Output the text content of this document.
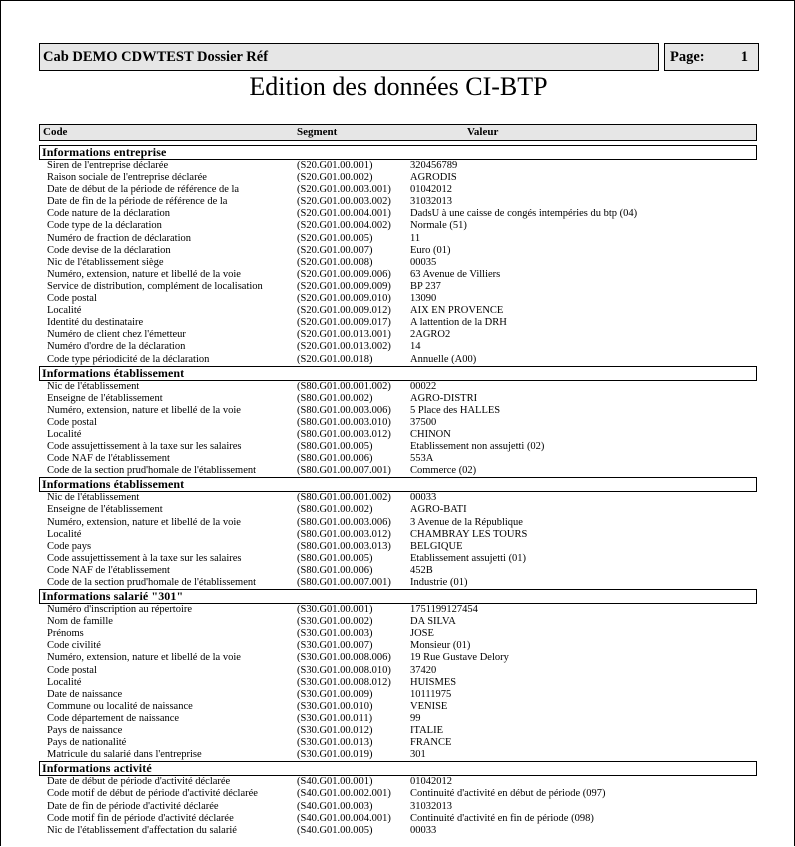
Cab DEMO CDWTEST Dossier Réf	Page: 1
Edition des données CI-BTP
Code	Segment	Valeur
Informations entreprise
Siren de l'entreprise déclarée	(S20.G01.00.001)	320456789
Raison sociale de l'entreprise déclarée	(S20.G01.00.002)	AGRODIS
Date de début de la période de référence de la	(S20.G01.00.003.001) 01042012
Date de fin de la période de référence de la	(S20.G01.00.003.002) 31032013
Code nature de la déclaration	(S20.G01.00.004.001) DadsU à une caisse de congés intempéries du btp (04)
Code type de la déclaration	(S20.G01.00.004.002) Normale (51)
Numéro de fraction de déclaration	(S20.G01.00.005)	11
Code devise de la déclaration	(S20.G01.00.007)	Euro (01)
Nic de l'établissement siège	(S20.G01.00.008)	00035
Numéro, extension, nature et libellé de la voie	(S20.G01.00.009.006) 63 Avenue de Villiers
Service de distribution, complément de localisation	(S20.G01.00.009.009) BP 237
Code postal	(S20.G01.00.009.010) 13090
Localité	(S20.G01.00.009.012) AIX EN PROVENCE
Identité du destinataire	(S20.G01.00.009.017) A lattention de la DRH
Numéro de client chez l'émetteur	(S20.G01.00.013.001) 2AGRO2
Numéro d'ordre de la déclaration	(S20.G01.00.013.002) 14
Code type périodicité de la déclaration	(S20.G01.00.018)	Annuelle (A00)
Informations établissement
Nic de l'établissement	(S80.G01.00.001.002) 00022
Enseigne de l'établissement	(S80.G01.00.002)	AGRO-DISTRI
Numéro, extension, nature et libellé de la voie	(S80.G01.00.003.006) 5 Place des HALLES
Code postal	(S80.G01.00.003.010) 37500
Localité	(S80.G01.00.003.012) CHINON
Code assujettissement à la taxe sur les salaires	(S80.G01.00.005)	Etablissement non assujetti (02)
Code NAF de l'établissement	(S80.G01.00.006)	553A
Code de la section prud'homale de l'établissement	(S80.G01.00.007.001) Commerce (02)
Informations établissement
Nic de l'établissement	(S80.G01.00.001.002) 00033
Enseigne de l'établissement	(S80.G01.00.002)	AGRO-BATI
Numéro, extension, nature et libellé de la voie	(S80.G01.00.003.006) 3 Avenue de la République
Localité	(S80.G01.00.003.012) CHAMBRAY LES TOURS
Code pays	(S80.G01.00.003.013) BELGIQUE
Code assujettissement à la taxe sur les salaires	(S80.G01.00.005)	Etablissement assujetti (01)
Code NAF de l'établissement	(S80.G01.00.006)	452B
Code de la section prud'homale de l'établissement	(S80.G01.00.007.001) Industrie (01)
Informations salarié "301"
Numéro d'inscription au répertoire	(S30.G01.00.001)	1751199127454
Nom de famille	(S30.G01.00.002)	DA SILVA
Prénoms	(S30.G01.00.003)	JOSE
Code civilité	(S30.G01.00.007)	Monsieur (01)
Numéro, extension, nature et libellé de la voie	(S30.G01.00.008.006) 19 Rue Gustave Delory
Code postal	(S30.G01.00.008.010) 37420
Localité	(S30.G01.00.008.012) HUISMES
Date de naissance	(S30.G01.00.009)	10111975
Commune ou localité de naissance	(S30.G01.00.010)	VENISE
Code département de naissance	(S30.G01.00.011)	99
Pays de naissance	(S30.G01.00.012)	ITALIE
Pays de nationalité	(S30.G01.00.013)	FRANCE
Matricule du salarié dans l'entreprise	(S30.G01.00.019)	301
Informations activité
Date de début de période d'activité déclarée	(S40.G01.00.001)	01042012
Code motif de début de période d'activité déclarée	(S40.G01.00.002.001) Continuité d'activité en début de période (097)
Date de fin de période d'activité déclarée	(S40.G01.00.003)	31032013
Code motif fin de période d'activité déclarée	(S40.G01.00.004.001) Continuité d'activité en fin de période (098)
Nic de l'établissement d'affectation du salarié	(S40.G01.00.005)	00033
